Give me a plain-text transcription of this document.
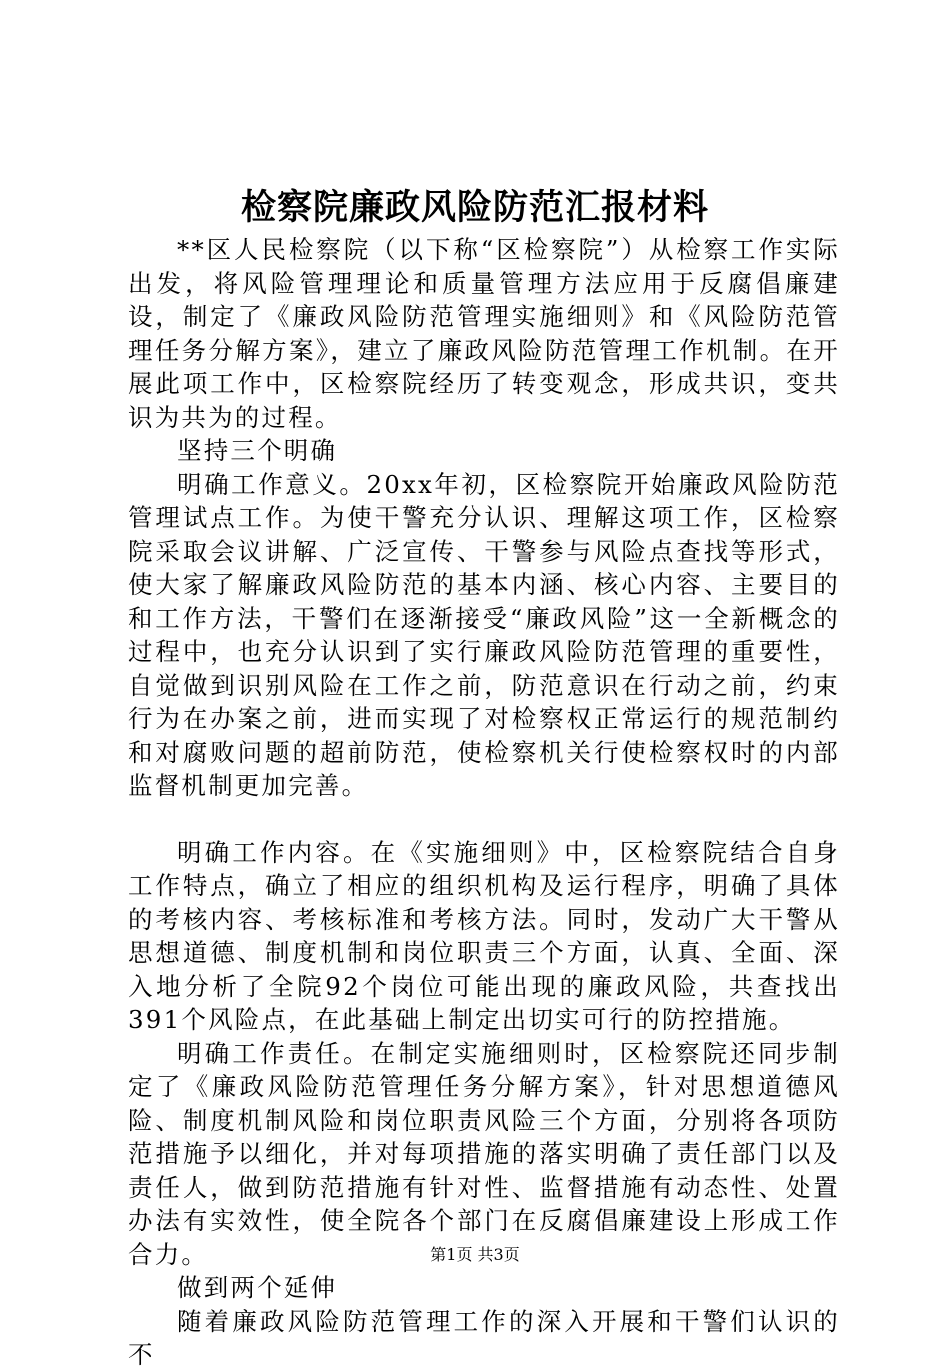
检察院廉政风险防范汇报材料

**区人民检察院（以下称“区检察院”）从检察工作实际出发，将风险管理理论和质量管理方法应用于反腐倡廉建设，制定了《廉政风险防范管理实施细则》和《风险防范管理任务分解方案》，建立了廉政风险防范管理工作机制。在开展此项工作中，区检察院经历了转变观念，形成共识，变共识为共为的过程。

坚持三个明确

明确工作意义。20xx年初，区检察院开始廉政风险防范管理试点工作。为使干警充分认识、理解这项工作，区检察院采取会议讲解、广泛宣传、干警参与风险点查找等形式，使大家了解廉政风险防范的基本内涵、核心内容、主要目的和工作方法，干警们在逐渐接受“廉政风险”这一全新概念的过程中，也充分认识到了实行廉政风险防范管理的重要性，自觉做到识别风险在工作之前，防范意识在行动之前，约束行为在办案之前，进而实现了对检察权正常运行的规范制约和对腐败问题的超前防范，使检察机关行使检察权时的内部监督机制更加完善。

明确工作内容。在《实施细则》中，区检察院结合自身工作特点，确立了相应的组织机构及运行程序，明确了具体的考核内容、考核标准和考核方法。同时，发动广大干警从思想道德、制度机制和岗位职责三个方面，认真、全面、深入地分析了全院92个岗位可能出现的廉政风险，共查找出391个风险点，在此基础上制定出切实可行的防控措施。

明确工作责任。在制定实施细则时，区检察院还同步制定了《廉政风险防范管理任务分解方案》，针对思想道德风险、制度机制风险和岗位职责风险三个方面，分别将各项防范措施予以细化，并对每项措施的落实明确了责任部门以及责任人，做到防范措施有针对性、监督措施有动态性、处置办法有实效性，使全院各个部门在反腐倡廉建设上形成工作合力。

做到两个延伸

随着廉政风险防范管理工作的深入开展和干警们认识的不

第1页 共3页
